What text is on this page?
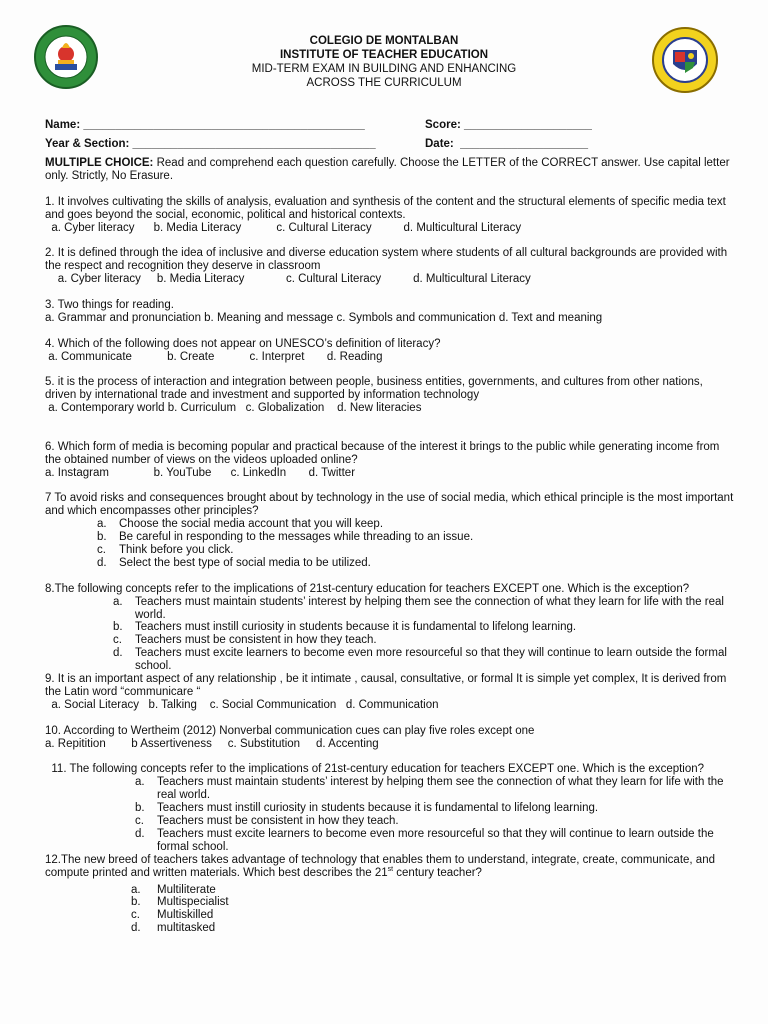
COLEGIO DE MONTALBAN
INSTITUTE OF TEACHER EDUCATION
MID-TERM EXAM IN BUILDING AND ENHANCING
ACROSS THE CURRICULUM
Name: ____________________________________________	Score: ____________________
Year & Section: ______________________________________	Date:  ____________________

MULTIPLE CHOICE: Read and comprehend each question carefully. Choose the LETTER of the CORRECT answer. Use capital letter only. Strictly, No Erasure.

1. It involves cultivating the skills of analysis, evaluation and synthesis of the content and the structural elements of specific media text and goes beyond the social, economic, political and historical contexts.

a. Cyber literacy      b. Media Literacy           c. Cultural Literacy          d. Multicultural Literacy

2. It is defined through the idea of inclusive and diverse education system where students of all cultural backgrounds are provided with the respect and recognition they deserve in classroom

a. Cyber literacy     b. Media Literacy             c. Cultural Literacy          d. Multicultural Literacy

3. Two things for reading.

a. Grammar and pronunciation b. Meaning and message c. Symbols and communication d. Text and meaning

4. Which of the following does not appear on UNESCO’s definition of literacy?

a. Communicate           b. Create           c. Interpret       d. Reading

5. it is the process of interaction and integration between people, business entities, governments, and cultures from other nations, driven by international trade and investment and supported by information technology

a. Contemporary world b. Curriculum   c. Globalization    d. New literacies

6. Which form of media is becoming popular and practical because of the interest it brings to the public while generating income from the obtained number of views on the videos uploaded online?

a. Instagram              b. YouTube      c. LinkedIn       d. Twitter

7 To avoid risks and consequences brought about by technology in the use of social media, which ethical principle is the most important and which encompasses other principles?

a.	Choose the social media account that you will keep.
b.	Be careful in responding to the messages while threading to an issue.
c.	Think before you click.
d.	Select the best type of social media to be utilized.

8.The following concepts refer to the implications of 21st-century education for teachers EXCEPT one. Which is the exception?

a.	Teachers must maintain students’ interest by helping them see the connection of what they learn for life with the real world.
b.	Teachers must instill curiosity in students because it is fundamental to lifelong learning.
c.	Teachers must be consistent in how they teach.
d.	Teachers must excite learners to become even more resourceful so that they will continue to learn outside the formal school.

9. It is an important aspect of any relationship , be it intimate , causal, consultative, or formal It is simple yet complex, It is derived from the Latin word “communicare “

a. Social Literacy   b. Talking    c. Social Communication   d. Communication

10. According to Wertheim (2012) Nonverbal communication cues can play five roles except one

a. Repitition        b Assertiveness     c. Substitution     d. Accenting

11. The following concepts refer to the implications of 21st-century education for teachers EXCEPT one. Which is the exception?

a.	Teachers must maintain students’ interest by helping them see the connection of what they learn for life with the real world.
b.	Teachers must instill curiosity in students because it is fundamental to lifelong learning.
c.	Teachers must be consistent in how they teach.
d.	Teachers must excite learners to become even more resourceful so that they will continue to learn outside the formal school.

12.The new breed of teachers takes advantage of technology that enables them to understand, integrate, create, communicate, and compute printed and written materials. Which best describes the 21st century teacher?

a.	Multiliterate
b.	Multispecialist
c.	Multiskilled
d.	multitasked
